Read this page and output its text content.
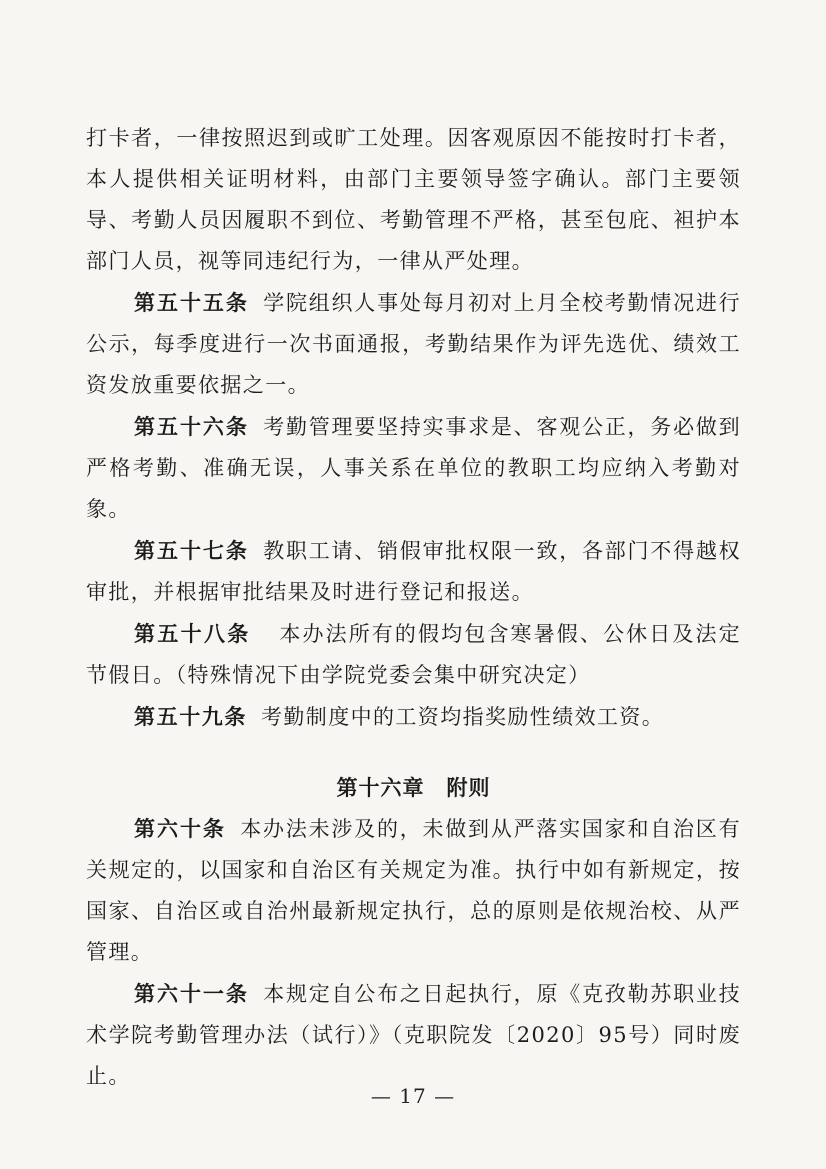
打卡者，一律按照迟到或旷工处理。因客观原因不能按时打卡者，本人提供相关证明材料，由部门主要领导签字确认。部门主要领导、考勤人员因履职不到位、考勤管理不严格，甚至包庇、袒护本部门人员，视等同违纪行为，一律从严处理。

第五十五条 学院组织人事处每月初对上月全校考勤情况进行公示，每季度进行一次书面通报，考勤结果作为评先选优、绩效工资发放重要依据之一。

第五十六条 考勤管理要坚持实事求是、客观公正，务必做到严格考勤、准确无误，人事关系在单位的教职工均应纳入考勤对象。

第五十七条 教职工请、销假审批权限一致，各部门不得越权审批，并根据审批结果及时进行登记和报送。

第五十八条 本办法所有的假均包含寒暑假、公休日及法定节假日。（特殊情况下由学院党委会集中研究决定）

第五十九条 考勤制度中的工资均指奖励性绩效工资。

第十六章 附则

第六十条 本办法未涉及的，未做到从严落实国家和自治区有关规定的，以国家和自治区有关规定为准。执行中如有新规定，按国家、自治区或自治州最新规定执行，总的原则是依规治校、从严管理。

第六十一条 本规定自公布之日起执行，原《克孜勒苏职业技术学院考勤管理办法（试行）》（克职院发〔2020〕95号）同时废止。

— 17 —
